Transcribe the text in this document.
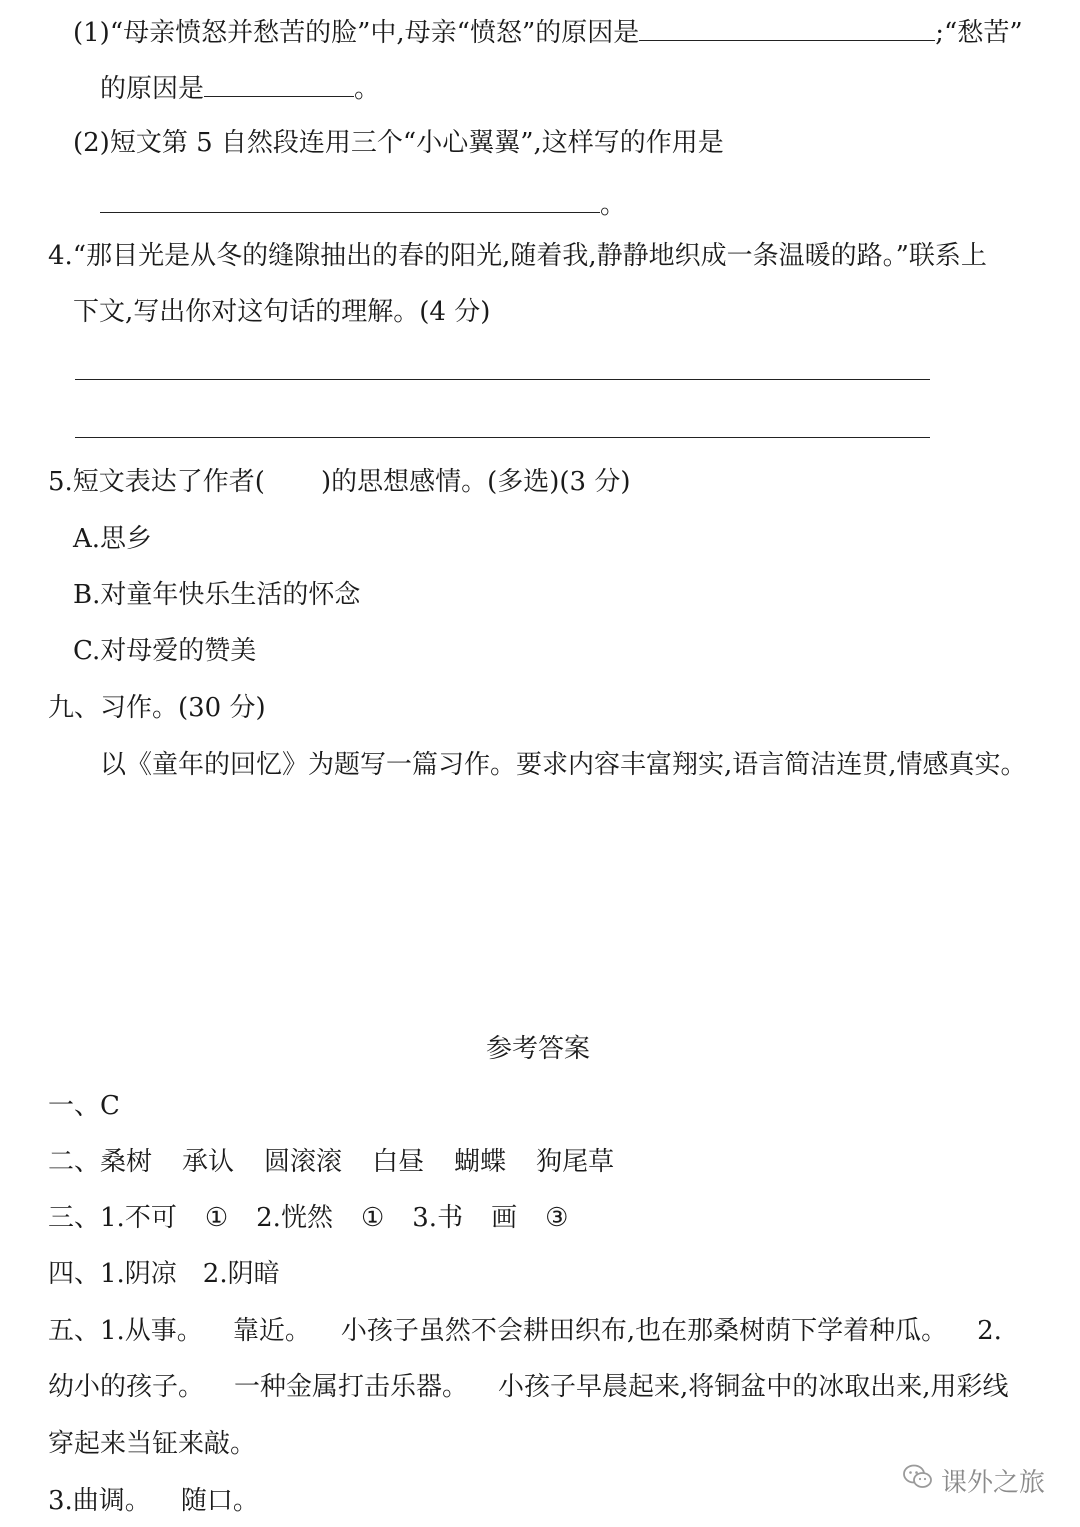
(1)“母亲愤怒并愁苦的脸”中,母亲“愤怒”的原因是	;“愁苦”
的原因是	。
(2)短文第 5 自然段连用三个“小心翼翼”,这样写的作用是
。
4.“那目光是从冬的缝隙抽出的春的阳光,随着我,静静地织成一条温暖的路。”联系上
下文,写出你对这句话的理解。(4 分)
5.短文表达了作者( )的思想感情。(多选)(3 分)
A.思乡
B.对童年快乐生活的怀念
C.对母爱的赞美
九、习作。(30 分)
以《童年的回忆》为题写一篇习作。要求内容丰富翔实,语言简洁连贯,情感真实。
参考答案
一、C
二、桑树 承认 圆滚滚 白昼 蝴蝶 狗尾草
三、1.不可 ① 2.恍然 ① 3.书 画 ③
四、1.阴凉　2.阴暗
五、1.从事。 靠近。 小孩子虽然不会耕田织布,也在那桑树荫下学着种瓜。 2.
幼小的孩子。 一种金属打击乐器。 小孩子早晨起来,将铜盆中的冰取出来,用彩线
穿起来当钲来敲。
3.曲调。 随口。
课外之旅
